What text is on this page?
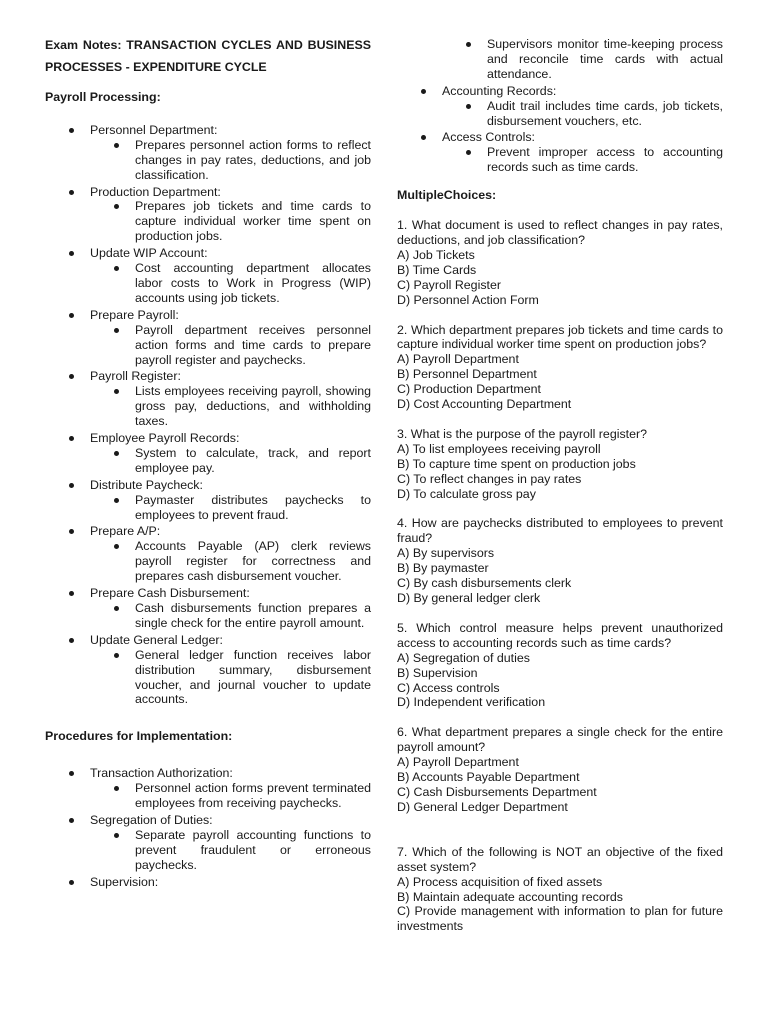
Exam Notes: TRANSACTION CYCLES AND BUSINESS PROCESSES - EXPENDITURE CYCLE

Payroll Processing:

Personnel Department:
Prepares personnel action forms to reflect changes in pay rates, deductions, and job classification.
Production Department:
Prepares job tickets and time cards to capture individual worker time spent on production jobs.
Update WIP Account:
Cost accounting department allocates labor costs to Work in Progress (WIP) accounts using job tickets.
Prepare Payroll:
Payroll department receives personnel action forms and time cards to prepare payroll register and paychecks.
Payroll Register:
Lists employees receiving payroll, showing gross pay, deductions, and withholding taxes.
Employee Payroll Records:
System to calculate, track, and report employee pay.
Distribute Paycheck:
Paymaster distributes paychecks to employees to prevent fraud.
Prepare A/P:
Accounts Payable (AP) clerk reviews payroll register for correctness and prepares cash disbursement voucher.
Prepare Cash Disbursement:
Cash disbursements function prepares a single check for the entire payroll amount.
Update General Ledger:
General ledger function receives labor distribution summary, disbursement voucher, and journal voucher to update accounts.

Procedures for Implementation:

Transaction Authorization:
Personnel action forms prevent terminated employees from receiving paychecks.
Segregation of Duties:
Separate payroll accounting functions to prevent fraudulent or erroneous paychecks.
Supervision:
Supervisors monitor time-keeping process and reconcile time cards with actual attendance.
Accounting Records:
Audit trail includes time cards, job tickets, disbursement vouchers, etc.
Access Controls:
Prevent improper access to accounting records such as time cards.

MultipleChoices:

1. What document is used to reflect changes in pay rates, deductions, and job classification?

A) Job Tickets

B) Time Cards

C) Payroll Register

D) Personnel Action Form

2. Which department prepares job tickets and time cards to capture individual worker time spent on production jobs?

A) Payroll Department

B) Personnel Department

C) Production Department

D) Cost Accounting Department

3. What is the purpose of the payroll register?

A) To list employees receiving payroll

B) To capture time spent on production jobs

C) To reflect changes in pay rates

D) To calculate gross pay

4. How are paychecks distributed to employees to prevent fraud?

A) By supervisors

B) By paymaster

C) By cash disbursements clerk

D) By general ledger clerk

5. Which control measure helps prevent unauthorized access to accounting records such as time cards?

A) Segregation of duties

B) Supervision

C) Access controls

D) Independent verification

6. What department prepares a single check for the entire payroll amount?

A) Payroll Department

B) Accounts Payable Department

C) Cash Disbursements Department

D) General Ledger Department

7. Which of the following is NOT an objective of the fixed asset system?

A) Process acquisition of fixed assets

B) Maintain adequate accounting records

C) Provide management with information to plan for future investments
